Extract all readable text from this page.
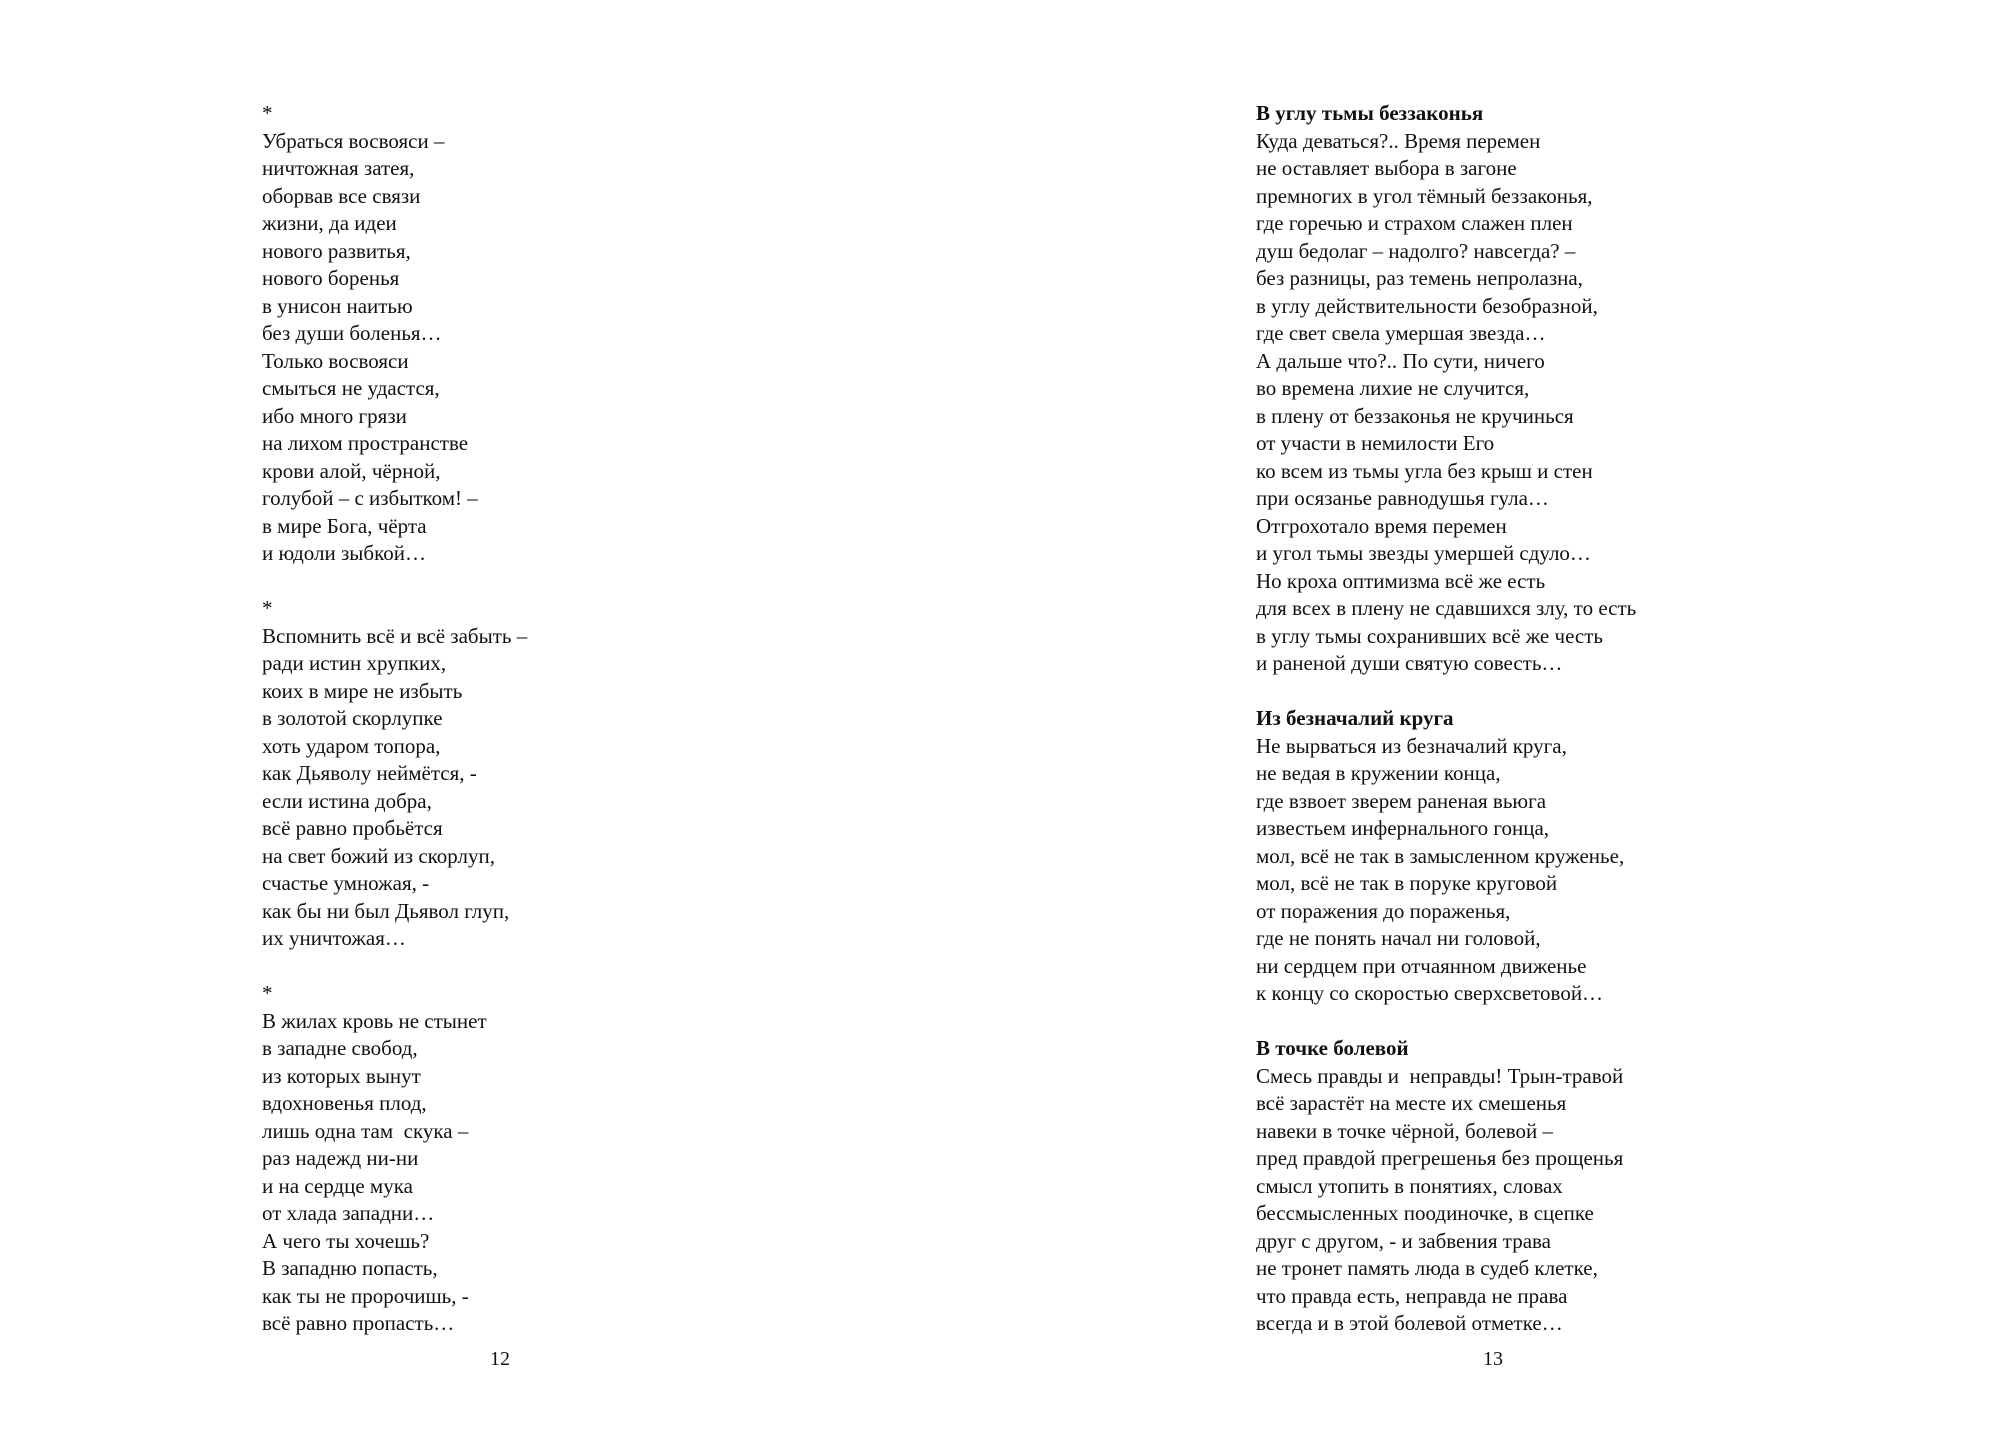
*
Убраться восвояси –
ничтожная затея,
оборвав все связи
жизни, да идеи
нового развитья,
нового боренья
в унисон наитью
без души боленья…
Только восвояси
смыться не удастся,
ибо много грязи
на лихом пространстве
крови алой, чёрной,
голубой – с избытком! –
в мире Бога, чёрта
и юдоли зыбкой…
*
Вспомнить всё и всё забыть –
ради истин хрупких,
коих в мире не избыть
в золотой скорлупке
хоть ударом топора,
как Дьяволу неймётся, -
если истина добра,
всё равно пробьётся
на свет божий из скорлуп,
счастье умножая, -
как бы ни был Дьявол глуп,
их уничтожая…
*
В жилах кровь не стынет
в западне свобод,
из которых вынут
вдохновенья плод,
лишь одна там  скука –
раз надежд ни-ни
и на сердце мука
от хлада западни…
А чего ты хочешь?
В западню попасть,
как ты не пророчишь, -
всё равно пропасть…
12
В углу тьмы беззаконья
Куда деваться?.. Время перемен
не оставляет выбора в загоне
премногих в угол тёмный беззаконья,
где горечью и страхом слажен плен
душ бедолаг – надолго? навсегда? –
без разницы, раз темень непролазна,
в углу действительности безобразной,
где свет свела умершая звезда…
А дальше что?.. По сути, ничего
во времена лихие не случится,
в плену от беззаконья не кручинься
от участи в немилости Его
ко всем из тьмы угла без крыш и стен
при осязанье равнодушья гула…
Отгрохотало время перемен
и угол тьмы звезды умершей сдуло…
Но кроха оптимизма всё же есть
для всех в плену не сдавшихся злу, то есть
в углу тьмы сохранивших всё же честь
и раненой души святую совесть…
Из безначалий круга
Не вырваться из безначалий круга,
не ведая в кружении конца,
где взвоет зверем раненая вьюга
известьем инфернального гонца,
мол, всё не так в замысленном круженье,
мол, всё не так в поруке круговой
от поражения до пораженья,
где не понять начал ни головой,
ни сердцем при отчаянном движенье
к концу со скоростью сверхсветовой…
В точке болевой
Смесь правды и  неправды! Трын-травой
всё зарастёт на месте их смешенья
навеки в точке чёрной, болевой –
пред правдой прегрешенья без прощенья
смысл утопить в понятиях, словах
бессмысленных поодиночке, в сцепке
друг с другом, - и забвения трава
не тронет память люда в судеб клетке,
что правда есть, неправда не права
всегда и в этой болевой отметке…
13
